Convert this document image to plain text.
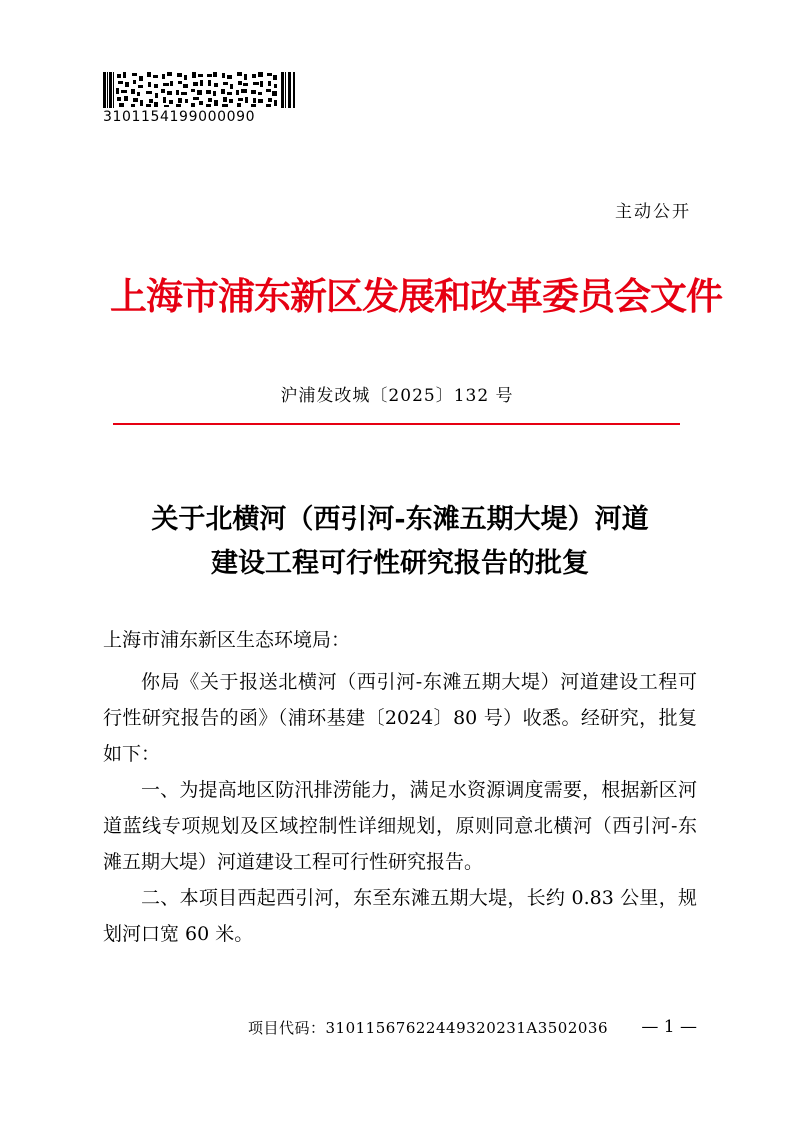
3101154199000090
主动公开
上海市浦东新区发展和改革委员会文件
沪浦发改城〔2025〕132 号
关于北横河（西引河-东滩五期大堤）河道
建设工程可行性研究报告的批复
上海市浦东新区生态环境局：

你局《关于报送北横河（西引河-东滩五期大堤）河道建设工程可行性研究报告的函》（浦环基建〔2024〕80 号）收悉。经研究，批复如下：

一、为提高地区防汛排涝能力，满足水资源调度需要，根据新区河道蓝线专项规划及区域控制性详细规划，原则同意北横河（西引河-东滩五期大堤）河道建设工程可行性研究报告。

二、本项目西起西引河，东至东滩五期大堤，长约 0.83 公里，规划河口宽 60 米。

项目代码：31011567622449320231A3502036 — 1 —
